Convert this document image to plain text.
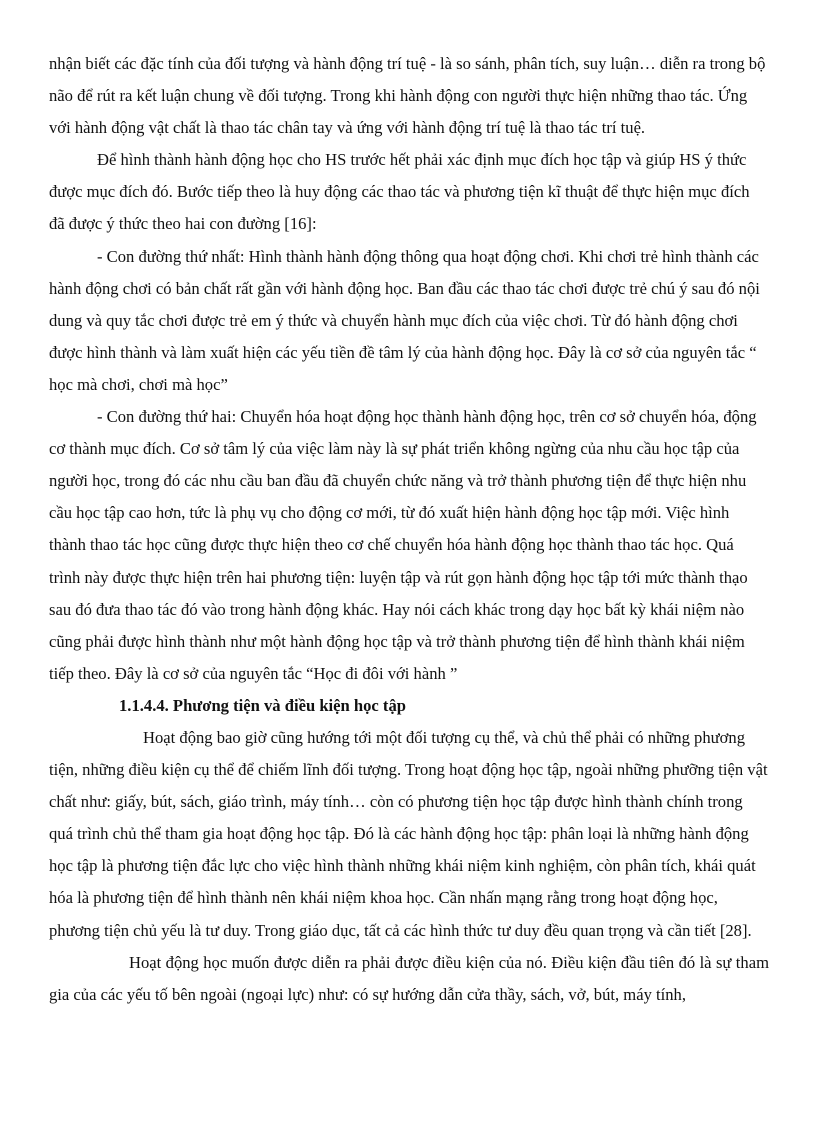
nhận biết các đặc tính của đối tượng và hành động trí tuệ - là so sánh, phân tích, suy luận… diễn ra trong bộ não để rút ra kết luận chung về đối tượng. Trong khi hành động con người thực hiện những thao tác. Ứng với hành động vật chất là thao tác chân tay và ứng với hành động trí tuệ là thao tác trí tuệ.

Để hình thành hành động học cho HS trước hết phải xác định mục đích học tập và giúp HS ý thức được mục đích đó. Bước tiếp theo là huy động các thao tác và phương tiện kĩ thuật để thực hiện mục đích đã được ý thức theo hai con đường [16]:

- Con đường thứ nhất: Hình thành hành động thông qua hoạt động chơi. Khi chơi trẻ hình thành các hành động chơi có bản chất rất gần với hành động học. Ban đầu các thao tác chơi được trẻ chú ý sau đó nội dung và quy tắc chơi được trẻ em ý thức và chuyển hành mục đích của việc chơi. Từ đó hành động chơi được hình thành và làm xuất hiện các yếu tiền đề tâm lý của hành động học. Đây là cơ sở của nguyên tắc “ học mà chơi, chơi mà học”

- Con đường thứ hai: Chuyển hóa hoạt động học thành hành động học, trên cơ sở chuyển hóa, động cơ thành mục đích. Cơ sở tâm lý của việc làm này là sự phát triển không ngừng của nhu cầu học tập của người học, trong đó các nhu cầu ban đầu đã chuyển chức năng và trở thành phương tiện để thực hiện nhu cầu học tập cao hơn, tức là phụ vụ cho động cơ mới, từ đó xuất hiện hành động học tập mới. Việc hình thành thao tác học cũng được thực hiện theo cơ chế chuyển hóa hành động học thành thao tác học. Quá trình này được thực hiện trên hai phương tiện: luyện tập và rút gọn hành động học tập tới mức thành thạo sau đó đưa thao tác đó vào trong hành động khác. Hay nói cách khác trong dạy học bất kỳ khái niệm nào cũng phải được hình thành như một hành động học tập và trở thành phương tiện để hình thành khái niệm tiếp theo. Đây là cơ sở của nguyên tắc “Học đi đôi với hành ”

1.1.4.4. Phương tiện và điều kiện học tập

Hoạt động bao giờ cũng hướng tới một đối tượng cụ thể, và chủ thể phải có những phương tiện, những điều kiện cụ thể để chiếm lĩnh đối tượng. Trong hoạt động học tập, ngoài những phưỡng tiện vật chất như: giấy, bút, sách, giáo trình, máy tính… còn có phương tiện học tập được hình thành chính trong quá trình chủ thể tham gia hoạt động học tập. Đó là các hành động học tập: phân loại là những hành động học tập là phương tiện đắc lực cho việc hình thành những khái niệm kinh nghiệm, còn phân tích, khái quát hóa là phương tiện để hình thành nên khái niệm khoa học. Cần nhấn mạng rằng trong hoạt động học, phương tiện chủ yếu là tư duy. Trong giáo dục, tất cả các hình thức tư duy đều quan trọng và cần tiết [28].

Hoạt động học muốn được diễn ra phải được điều kiện của nó. Điều kiện đầu tiên đó là sự tham gia của các yếu tố bên ngoài (ngoại lực) như: có sự hướng dẫn cửa thầy, sách, vở, bút, máy tính,
